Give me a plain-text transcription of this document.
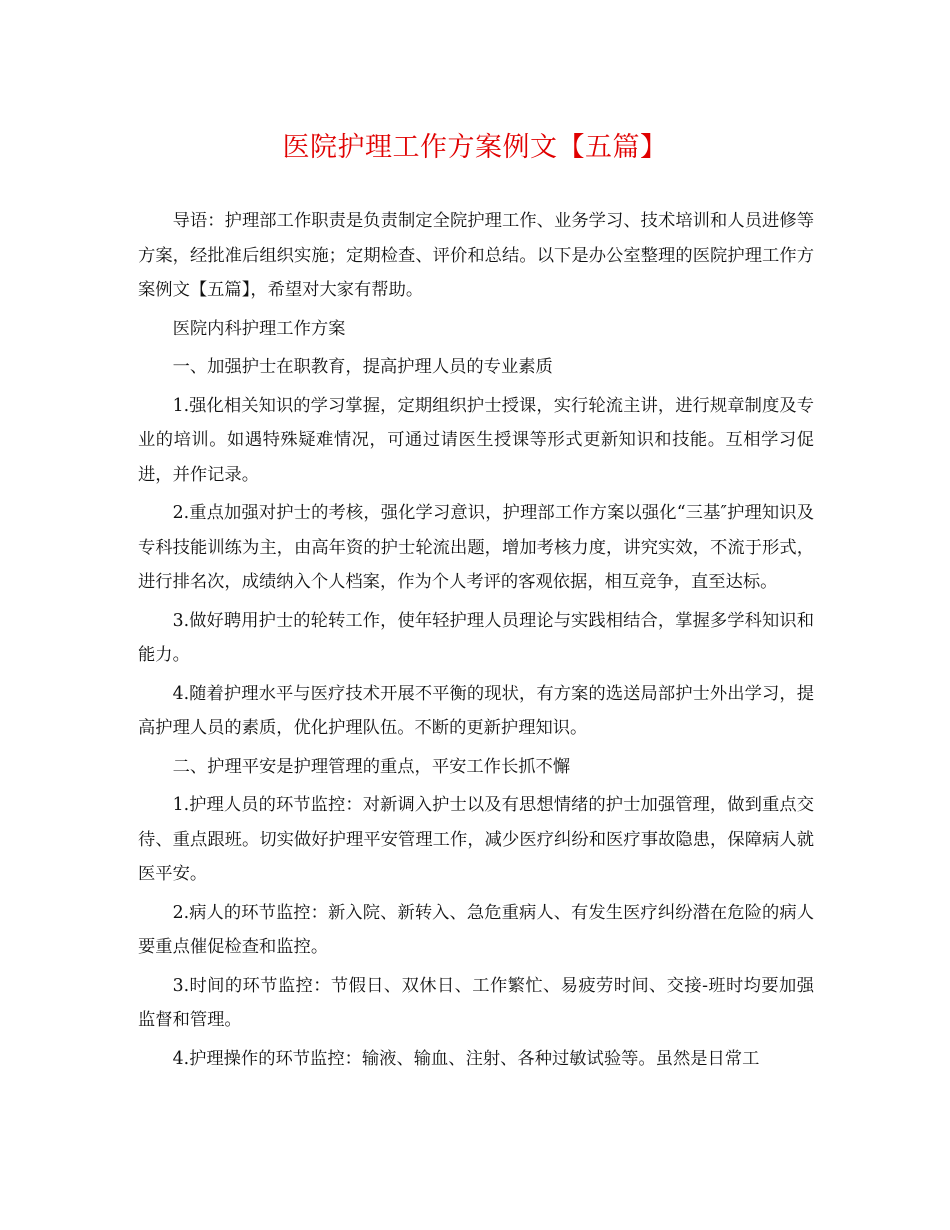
医院护理工作方案例文【五篇】

导语：护理部工作职责是负责制定全院护理工作、业务学习、技术培训和人员进修等方案，经批准后组织实施；定期检查、评价和总结。以下是办公室整理的医院护理工作方案例文【五篇】，希望对大家有帮助。

医院内科护理工作方案

一、加强护士在职教育，提高护理人员的专业素质

1.强化相关知识的学习掌握，定期组织护士授课，实行轮流主讲，进行规章制度及专业的培训。如遇特殊疑难情况，可通过请医生授课等形式更新知识和技能。互相学习促进，并作记录。

2.重点加强对护士的考核，强化学习意识，护理部工作方案以强化“三基″护理知识及专科技能训练为主，由高年资的护士轮流出题，增加考核力度，讲究实效，不流于形式，进行排名次，成绩纳入个人档案，作为个人考评的客观依据，相互竞争，直至达标。

3.做好聘用护士的轮转工作，使年轻护理人员理论与实践相结合，掌握多学科知识和能力。

4.随着护理水平与医疗技术开展不平衡的现状，有方案的选送局部护士外出学习，提高护理人员的素质，优化护理队伍。不断的更新护理知识。

二、护理平安是护理管理的重点，平安工作长抓不懈

1.护理人员的环节监控：对新调入护士以及有思想情绪的护士加强管理，做到重点交待、重点跟班。切实做好护理平安管理工作，减少医疗纠纷和医疗事故隐患，保障病人就医平安。

2.病人的环节监控：新入院、新转入、急危重病人、有发生医疗纠纷潜在危险的病人要重点催促检查和监控。

3.时间的环节监控：节假日、双休日、工作繁忙、易疲劳时间、交接-班时均要加强监督和管理。

4.护理操作的环节监控：输液、输血、注射、各种过敏试验等。虽然是日常工
